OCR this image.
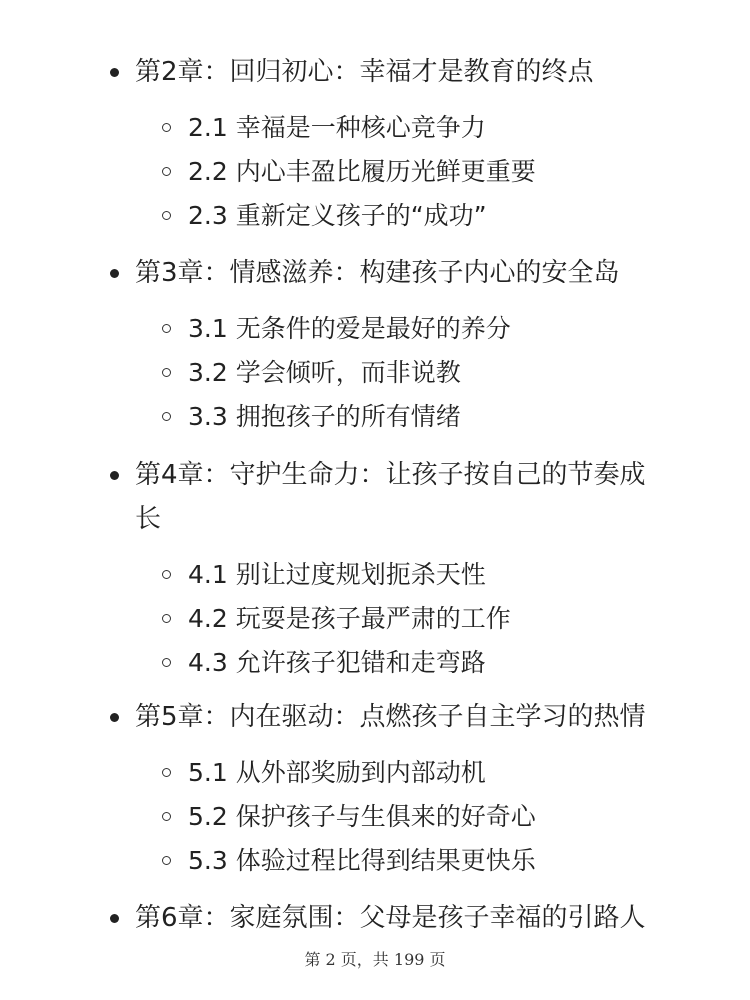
第2章：回归初心：幸福才是教育的终点
2.1 幸福是一种核心竞争力
2.2 内心丰盈比履历光鲜更重要
2.3 重新定义孩子的“成功”
第3章：情感滋养：构建孩子内心的安全岛
3.1 无条件的爱是最好的养分
3.2 学会倾听，而非说教
3.3 拥抱孩子的所有情绪
第4章：守护生命力：让孩子按自己的节奏成长
4.1 别让过度规划扼杀天性
4.2 玩耍是孩子最严肃的工作
4.3 允许孩子犯错和走弯路
第5章：内在驱动：点燃孩子自主学习的热情
5.1 从外部奖励到内部动机
5.2 保护孩子与生俱来的好奇心
5.3 体验过程比得到结果更快乐
第6章：家庭氛围：父母是孩子幸福的引路人
第 2 页，共 199 页
